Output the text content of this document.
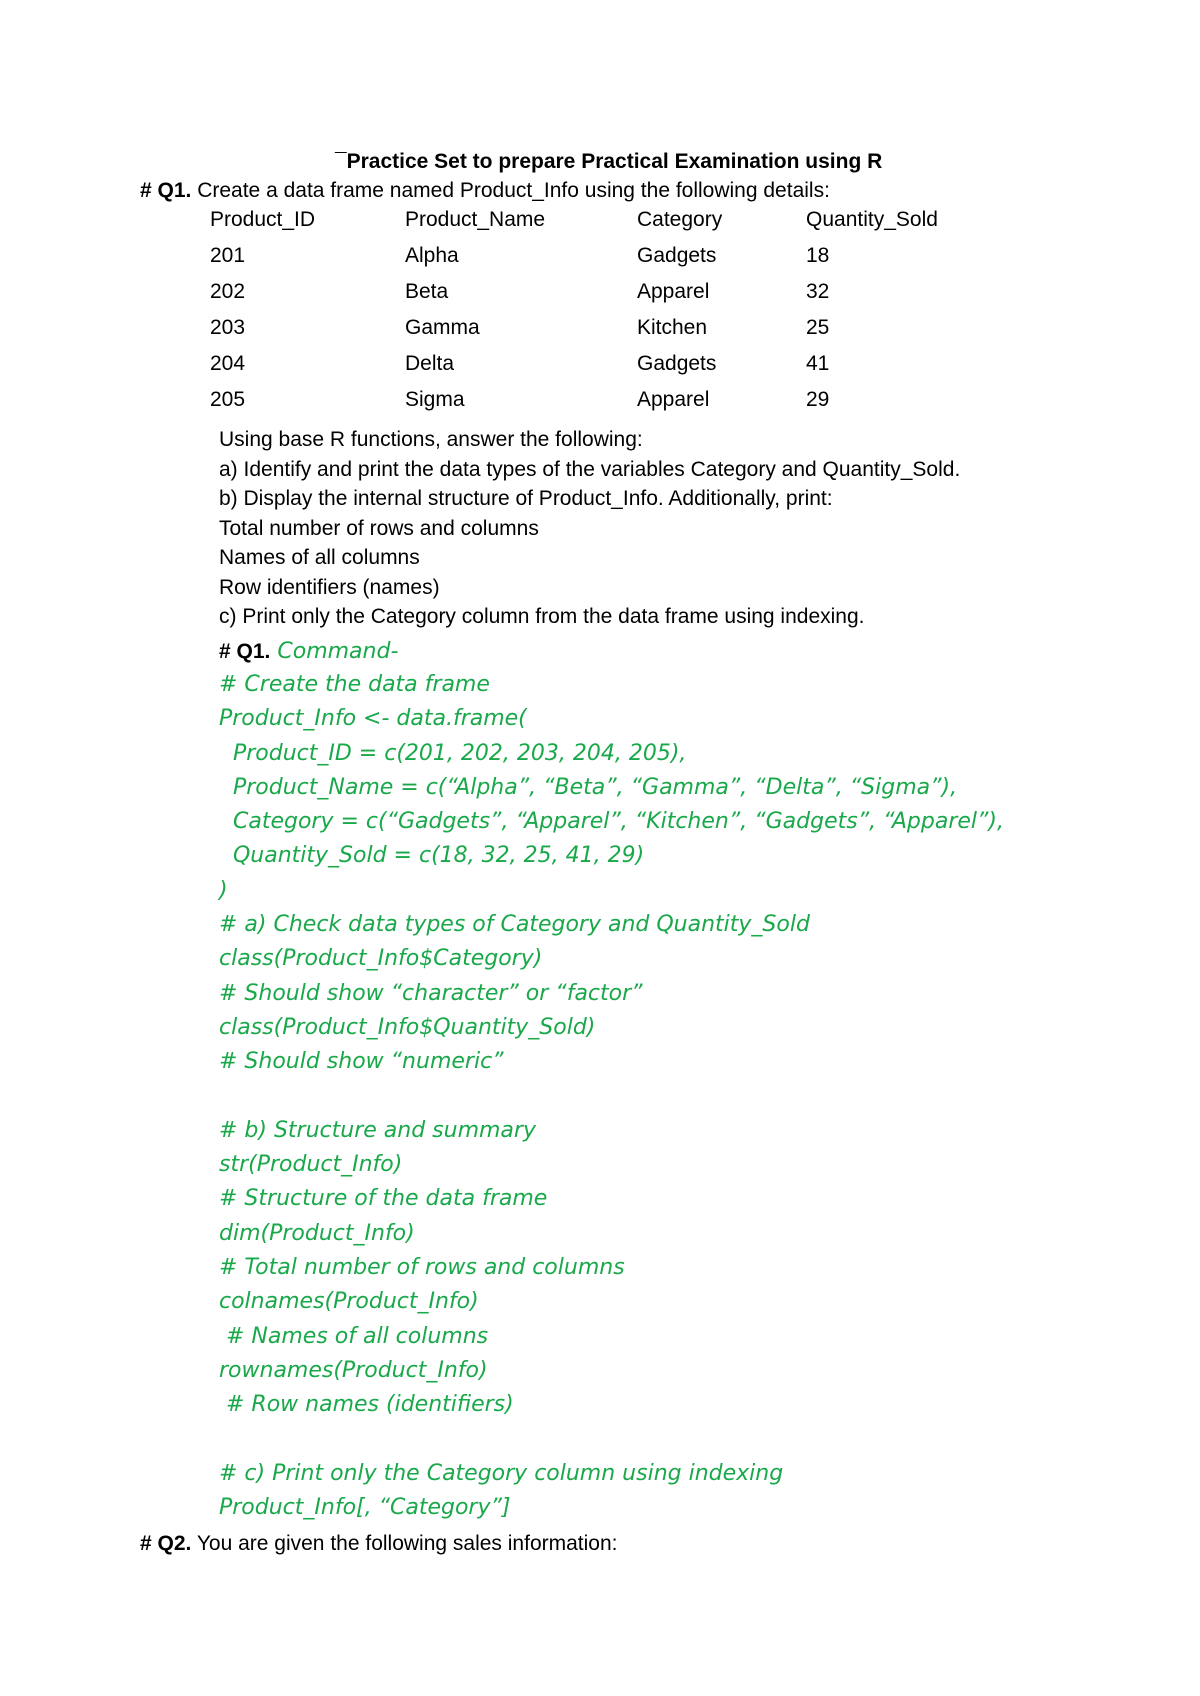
¯Practice Set to prepare Practical Examination using R
# Q1. Create a data frame named Product_Info using the following details:
Product_ID	Product_Name	Category	Quantity_Sold
201	Alpha	Gadgets	18
202	Beta	Apparel	32
203	Gamma	Kitchen	25
204	Delta	Gadgets	41
205	Sigma	Apparel	29
Using base R functions, answer the following:
a) Identify and print the data types of the variables Category and Quantity_Sold.
b) Display the internal structure of Product_Info. Additionally, print:
Total number of rows and columns
Names of all columns
Row identifiers (names)
c) Print only the Category column from the data frame using indexing.
# Q1. Command-
# Create the data frame
Product_Info <- data.frame(
Product_ID = c(201, 202, 203, 204, 205),
Product_Name = c(“Alpha”, “Beta”, “Gamma”, “Delta”, “Sigma”),
Category = c(“Gadgets”, “Apparel”, “Kitchen”, “Gadgets”, “Apparel”),
Quantity_Sold = c(18, 32, 25, 41, 29)
)
# a) Check data types of Category and Quantity_Sold
class(Product_Info$Category)
# Should show “character” or “factor”
class(Product_Info$Quantity_Sold)
# Should show “numeric”
# b) Structure and summary
str(Product_Info)
# Structure of the data frame
dim(Product_Info)
# Total number of rows and columns
colnames(Product_Info)
# Names of all columns
rownames(Product_Info)
# Row names (identifiers)
# c) Print only the Category column using indexing
Product_Info[, “Category”]
# Q2. You are given the following sales information:
